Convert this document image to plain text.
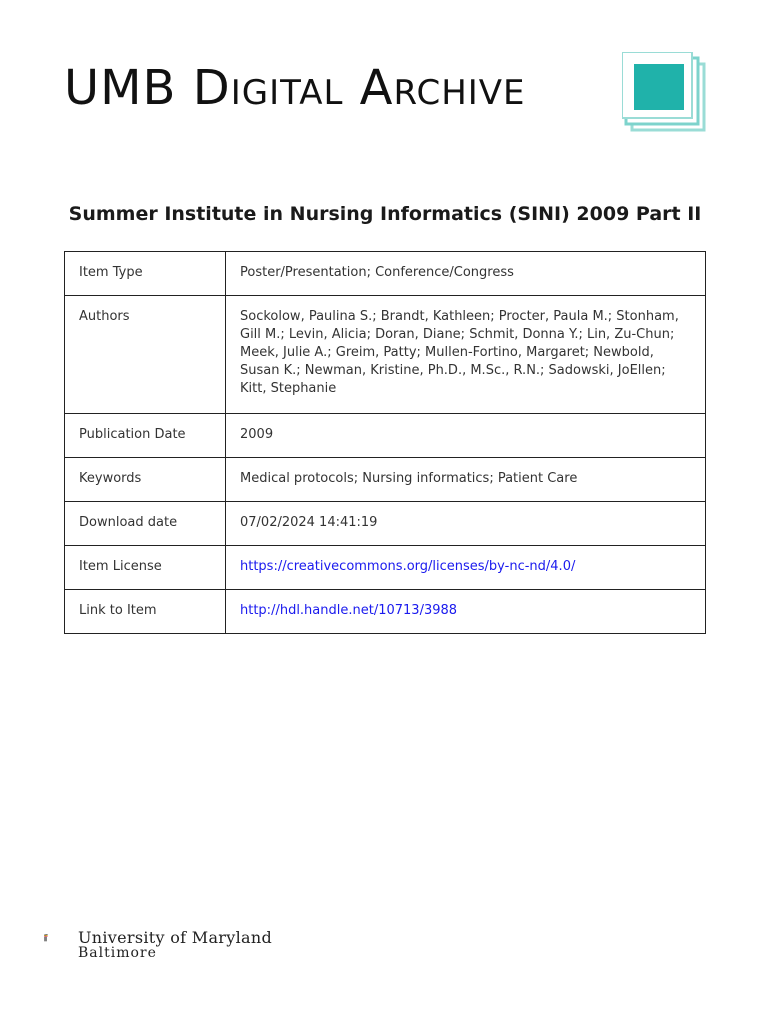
UMB Digital Archive
Summer Institute in Nursing Informatics (SINI) 2009 Part II
Item Type	Poster/Presentation; Conference/Congress
Authors	Sockolow, Paulina S.; Brandt, Kathleen; Procter, Paula M.; Stonham, Gill M.; Levin, Alicia; Doran, Diane; Schmit, Donna Y.; Lin, Zu-Chun; Meek, Julie A.; Greim, Patty; Mullen-Fortino, Margaret; Newbold, Susan K.; Newman, Kristine, Ph.D., M.Sc., R.N.; Sadowski, JoEllen; Kitt, Stephanie
Publication Date	2009
Keywords	Medical protocols; Nursing informatics; Patient Care
Download date	07/02/2024 14:41:19
Item License	https://creativecommons.org/licenses/by-nc-nd/4.0/
Link to Item	http://hdl.handle.net/10713/3988
University of Maryland
Baltimore
